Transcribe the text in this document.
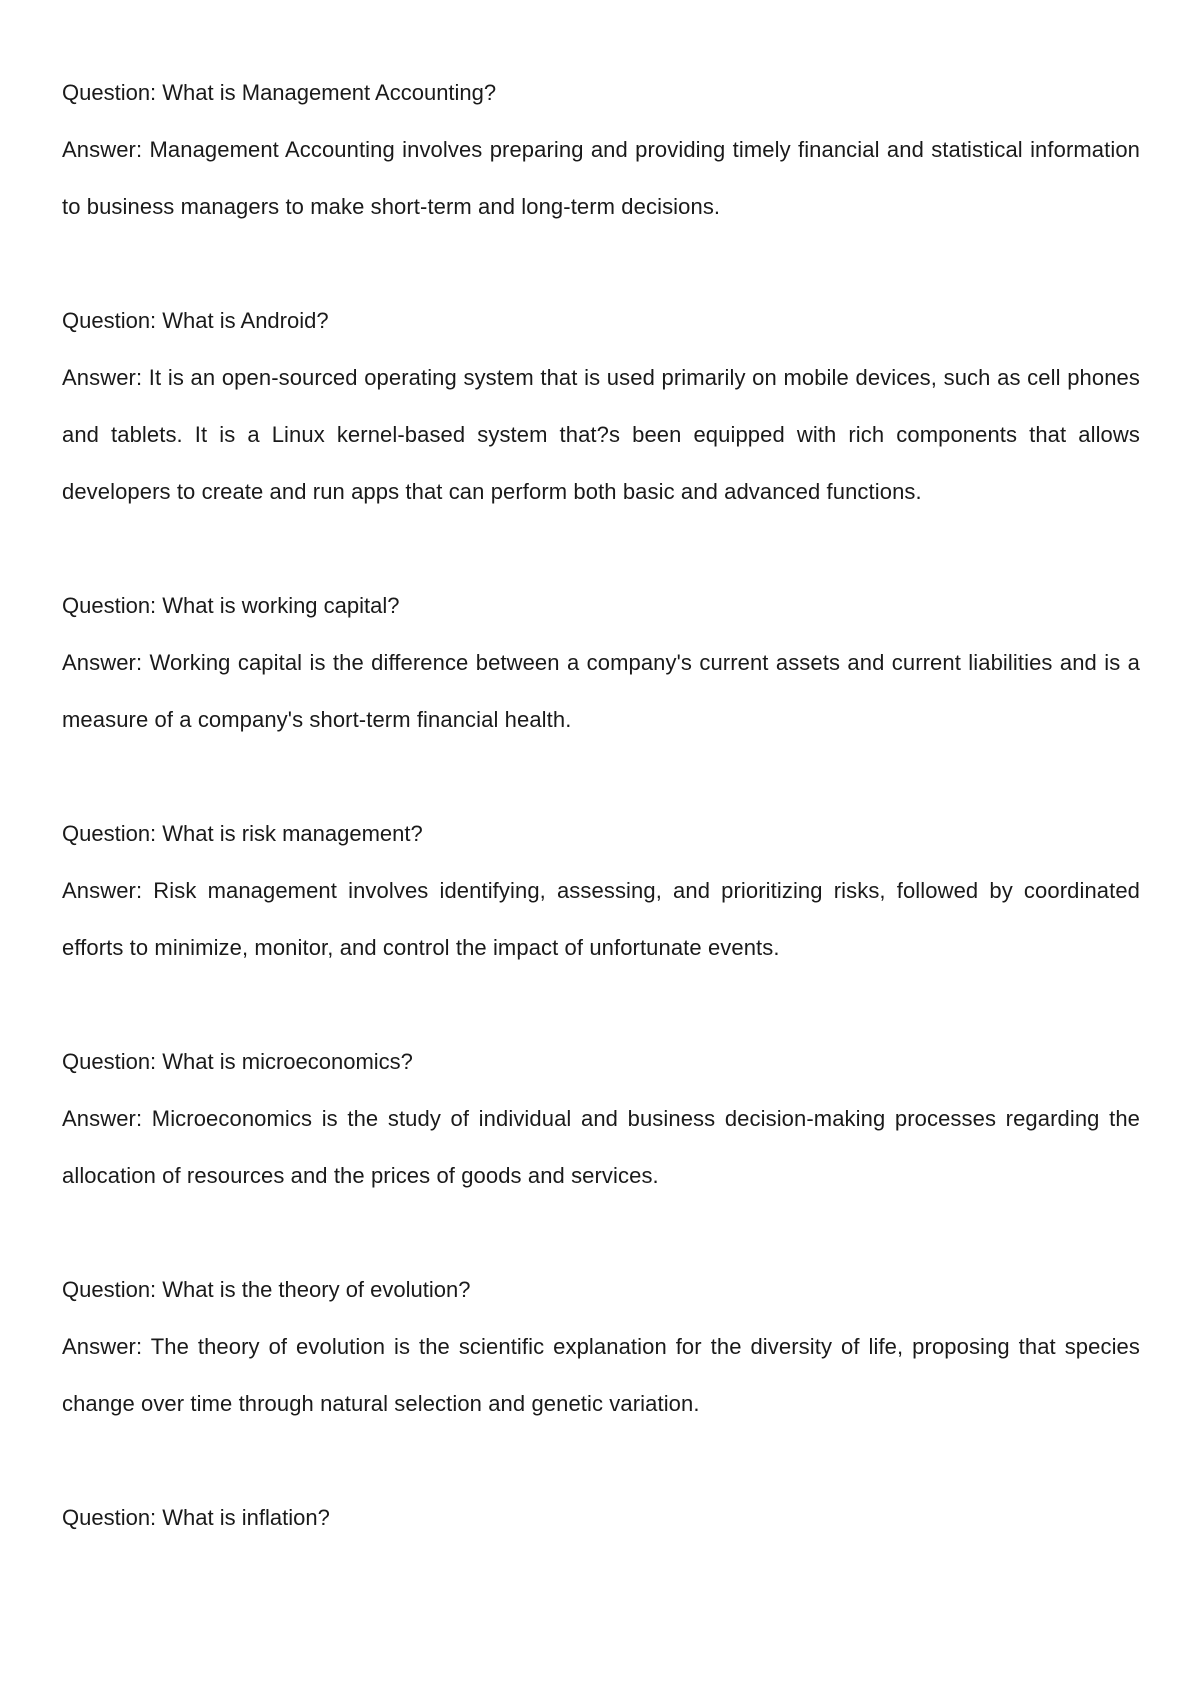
Question: What is Management Accounting?

Answer: Management Accounting involves preparing and providing timely financial and statistical information to business managers to make short-term and long-term decisions.

Question: What is Android?

Answer: It is an open-sourced operating system that is used primarily on mobile devices, such as cell phones and tablets. It is a Linux kernel-based system that?s been equipped with rich components that allows developers to create and run apps that can perform both basic and advanced functions.

Question: What is working capital?

Answer: Working capital is the difference between a company's current assets and current liabilities and is a measure of a company's short-term financial health.

Question: What is risk management?

Answer: Risk management involves identifying, assessing, and prioritizing risks, followed by coordinated efforts to minimize, monitor, and control the impact of unfortunate events.

Question: What is microeconomics?

Answer: Microeconomics is the study of individual and business decision-making processes regarding the allocation of resources and the prices of goods and services.

Question: What is the theory of evolution?

Answer: The theory of evolution is the scientific explanation for the diversity of life, proposing that species change over time through natural selection and genetic variation.

Question: What is inflation?
